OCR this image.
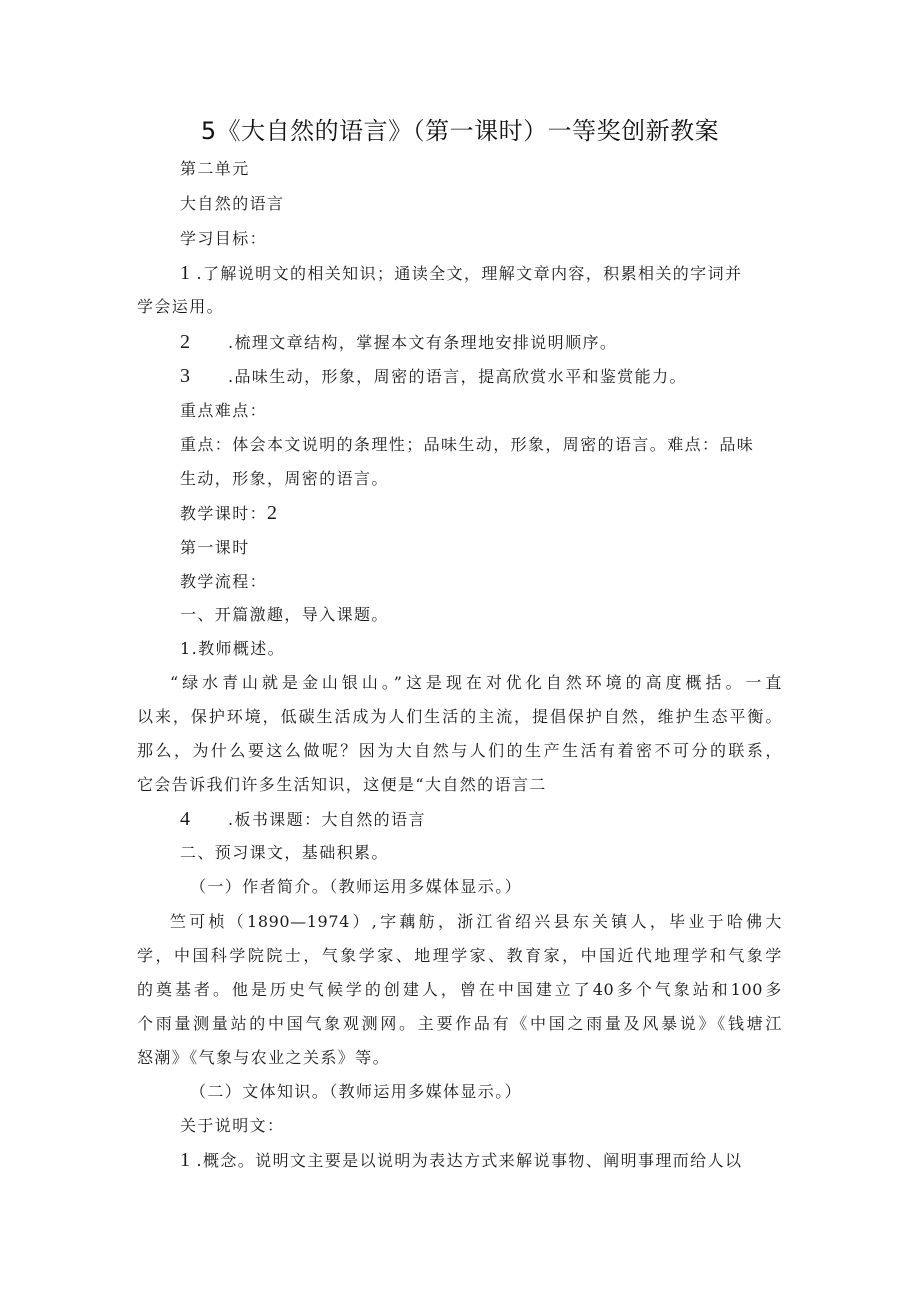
5《大自然的语言》（第一课时）一等奖创新教案
第二单元
大自然的语言
学习目标：
1 .了解说明文的相关知识；通读全文，理解文章内容，积累相关的字词并
学会运用。
2 .梳理文章结构，掌握本文有条理地安排说明顺序。
3 .品味生动，形象，周密的语言，提高欣赏水平和鉴赏能力。
重点难点：
重点：体会本文说明的条理性；品味生动，形象，周密的语言。难点：品味
生动，形象，周密的语言。
教学课时：2
第一课时
教学流程：
一、开篇激趣，导入课题。
1.教师概述。
“绿水青山就是金山银山。”这是现在对优化自然环境的高度概括。一直
以来，保护环境，低碳生活成为人们生活的主流，提倡保护自然，维护生态平衡。
那么，为什么要这么做呢？因为大自然与人们的生产生活有着密不可分的联系，
它会告诉我们许多生活知识，这便是“大自然的语言二
4 .板书课题：大自然的语言
二、预习课文，基础积累。
（一）作者简介。（教师运用多媒体显示。）
竺可桢（1890—1974）,字藕舫，浙江省绍兴县东关镇人，毕业于哈佛大
学，中国科学院院士，气象学家、地理学家、教育家，中国近代地理学和气象学
的奠基者。他是历史气候学的创建人，曾在中国建立了40多个气象站和100多
个雨量测量站的中国气象观测网。主要作品有《中国之雨量及风暴说》《钱塘江
怒潮》《气象与农业之关系》等。
（二）文体知识。（教师运用多媒体显示。）
关于说明文：
1 .概念。说明文主要是以说明为表达方式来解说事物、阐明事理而给人以
